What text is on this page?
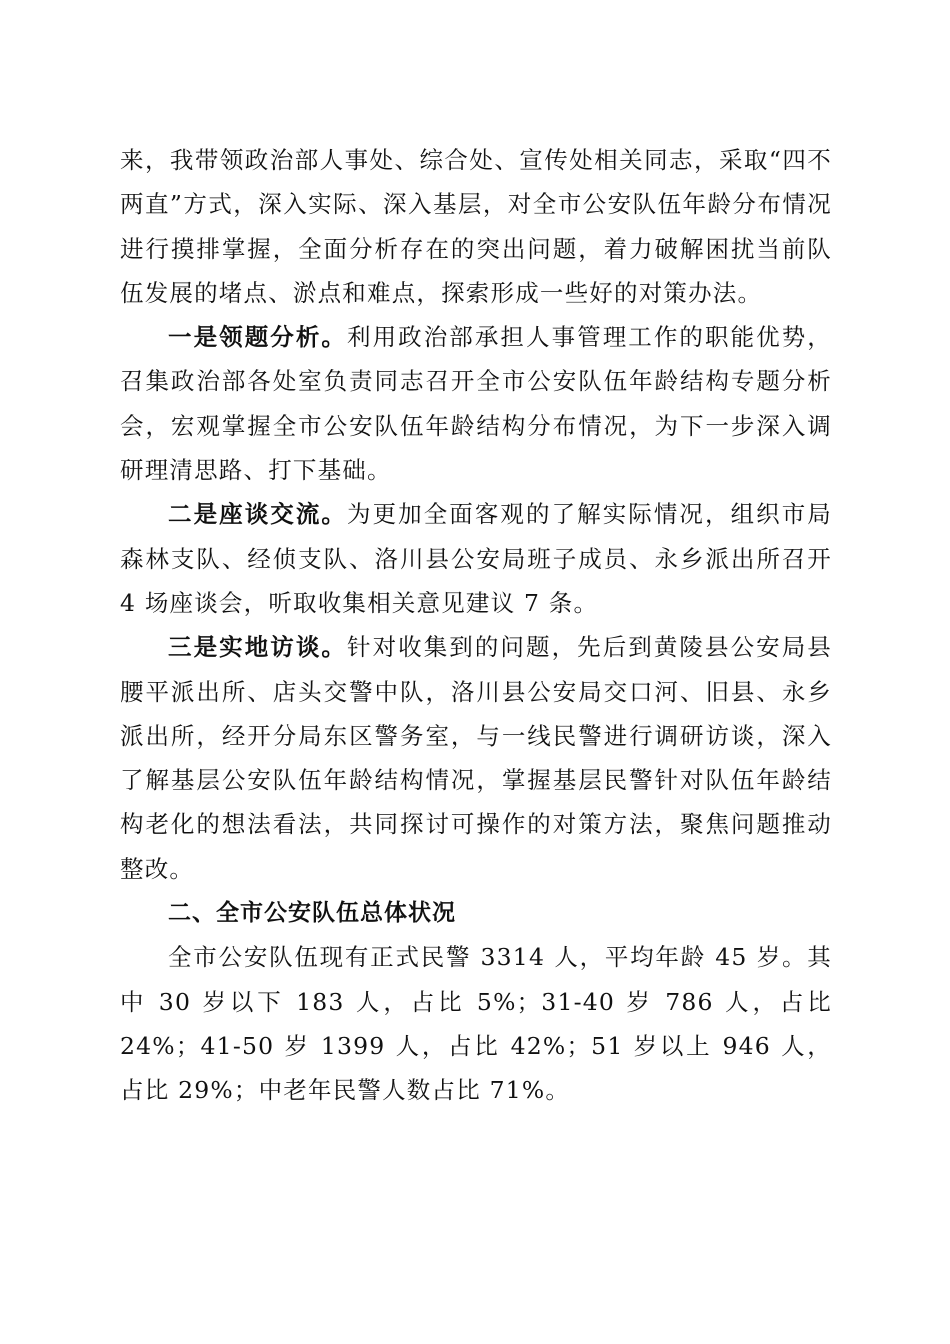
来，我带领政治部人事处、综合处、宣传处相关同志，采取“四不两直”方式，深入实际、深入基层，对全市公安队伍年龄分布情况进行摸排掌握，全面分析存在的突出问题，着力破解困扰当前队伍发展的堵点、淤点和难点，探索形成一些好的对策办法。

一是领题分析。利用政治部承担人事管理工作的职能优势，召集政治部各处室负责同志召开全市公安队伍年龄结构专题分析会，宏观掌握全市公安队伍年龄结构分布情况，为下一步深入调研理清思路、打下基础。

二是座谈交流。为更加全面客观的了解实际情况，组织市局森林支队、经侦支队、洛川县公安局班子成员、永乡派出所召开 4 场座谈会，听取收集相关意见建议 7 条。

三是实地访谈。针对收集到的问题，先后到黄陵县公安局县腰平派出所、店头交警中队，洛川县公安局交口河、旧县、永乡派出所，经开分局东区警务室，与一线民警进行调研访谈，深入了解基层公安队伍年龄结构情况，掌握基层民警针对队伍年龄结构老化的想法看法，共同探讨可操作的对策方法，聚焦问题推动整改。

二、全市公安队伍总体状况

全市公安队伍现有正式民警 3314 人，平均年龄 45 岁。其中 30 岁以下 183 人，占比 5%；31-40 岁 786 人，占比 24%；41-50 岁 1399 人，占比 42%；51 岁以上 946 人，占比 29%；中老年民警人数占比 71%。
